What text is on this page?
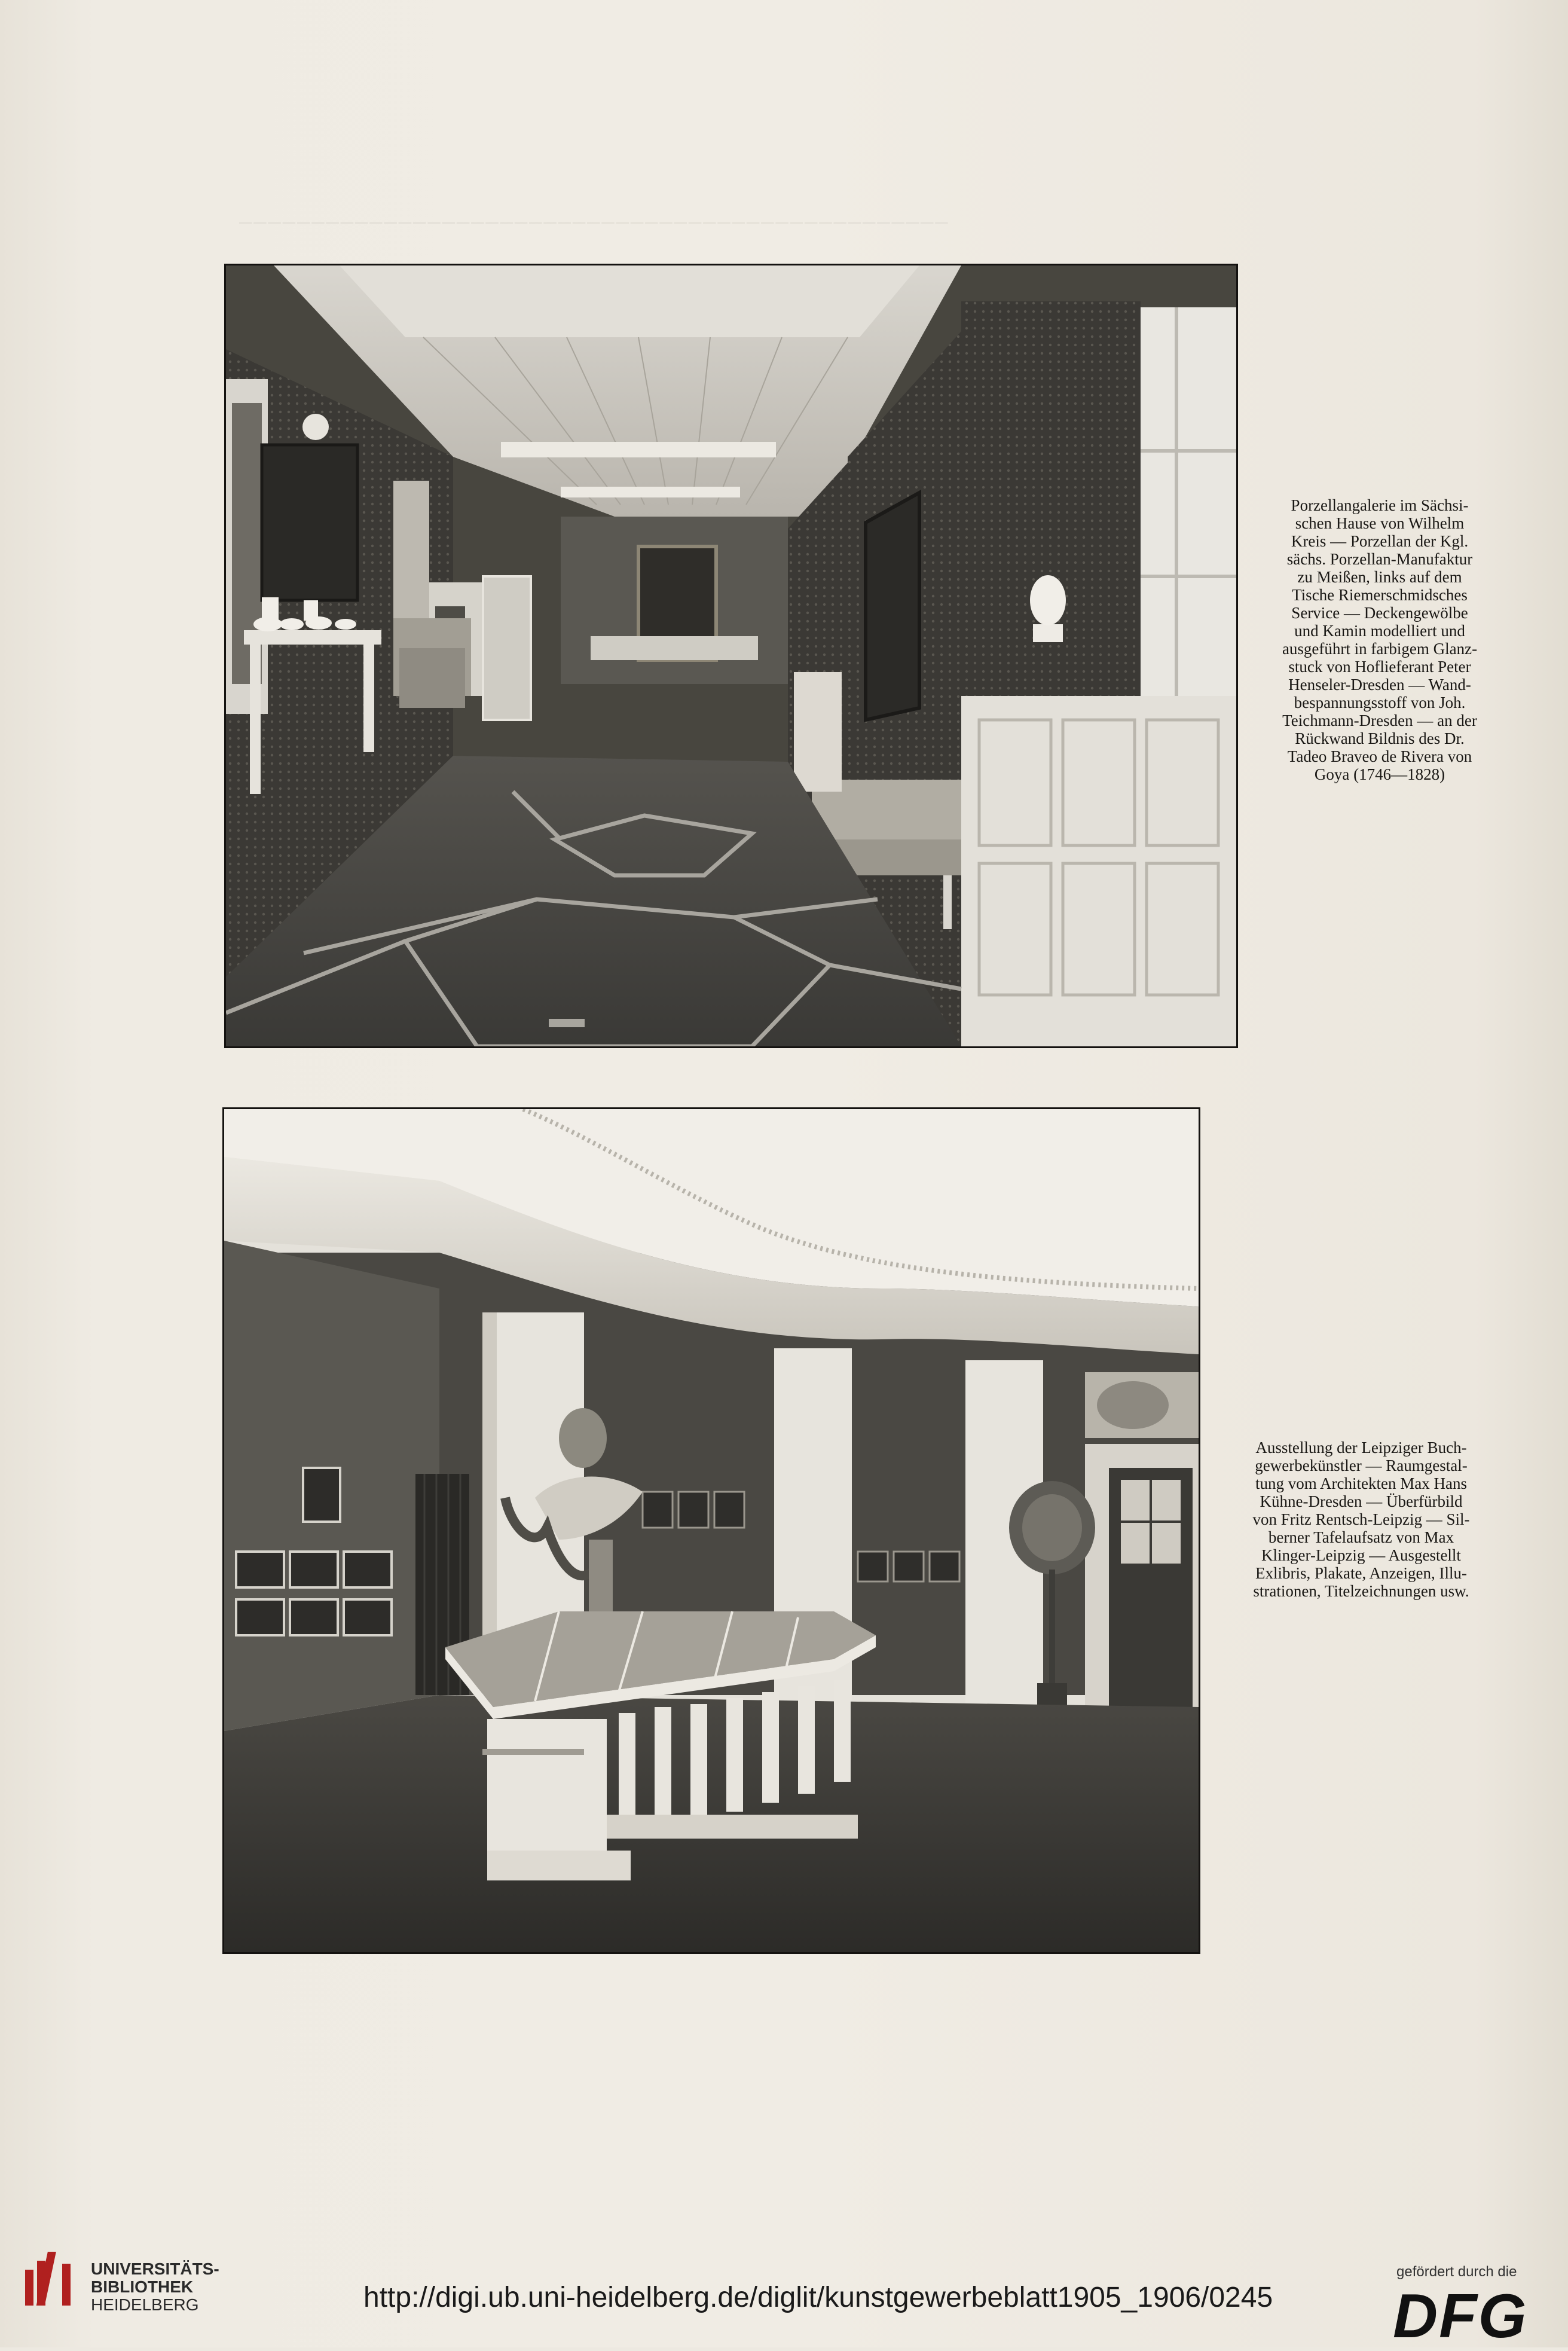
─────────────────────────────────────────────────
Porzellangalerie im Sächsi-
schen Hause von Wilhelm
Kreis — Porzellan der Kgl.
sächs. Porzellan-Manufaktur
zu Meißen, links auf dem
Tische Riemerschmidsches
Service — Deckengewölbe
und Kamin modelliert und
ausgeführt in farbigem Glanz-
stuck von Hoflieferant Peter
Henseler-Dresden — Wand-
bespannungsstoff von Joh.
Teichmann-Dresden — an der
Rückwand Bildnis des Dr.
Tadeo Braveo de Rivera von
Goya (1746—1828)
Ausstellung der Leipziger Buch-
gewerbekünstler — Raumgestal-
tung vom Architekten Max Hans
Kühne-Dresden — Überfürbild
von Fritz Rentsch-Leipzig — Sil-
berner Tafelaufsatz von Max
Klinger-Leipzig — Ausgestellt
Exlibris, Plakate, Anzeigen, Illu-
strationen, Titelzeichnungen usw.
UNIVERSITÄTS-
BIBLIOTHEK
HEIDELBERG	http://digi.ub.uni-heidelberg.de/diglit/kunstgewerbeblatt1905_1906/0245
gefördert durch die
DFG
